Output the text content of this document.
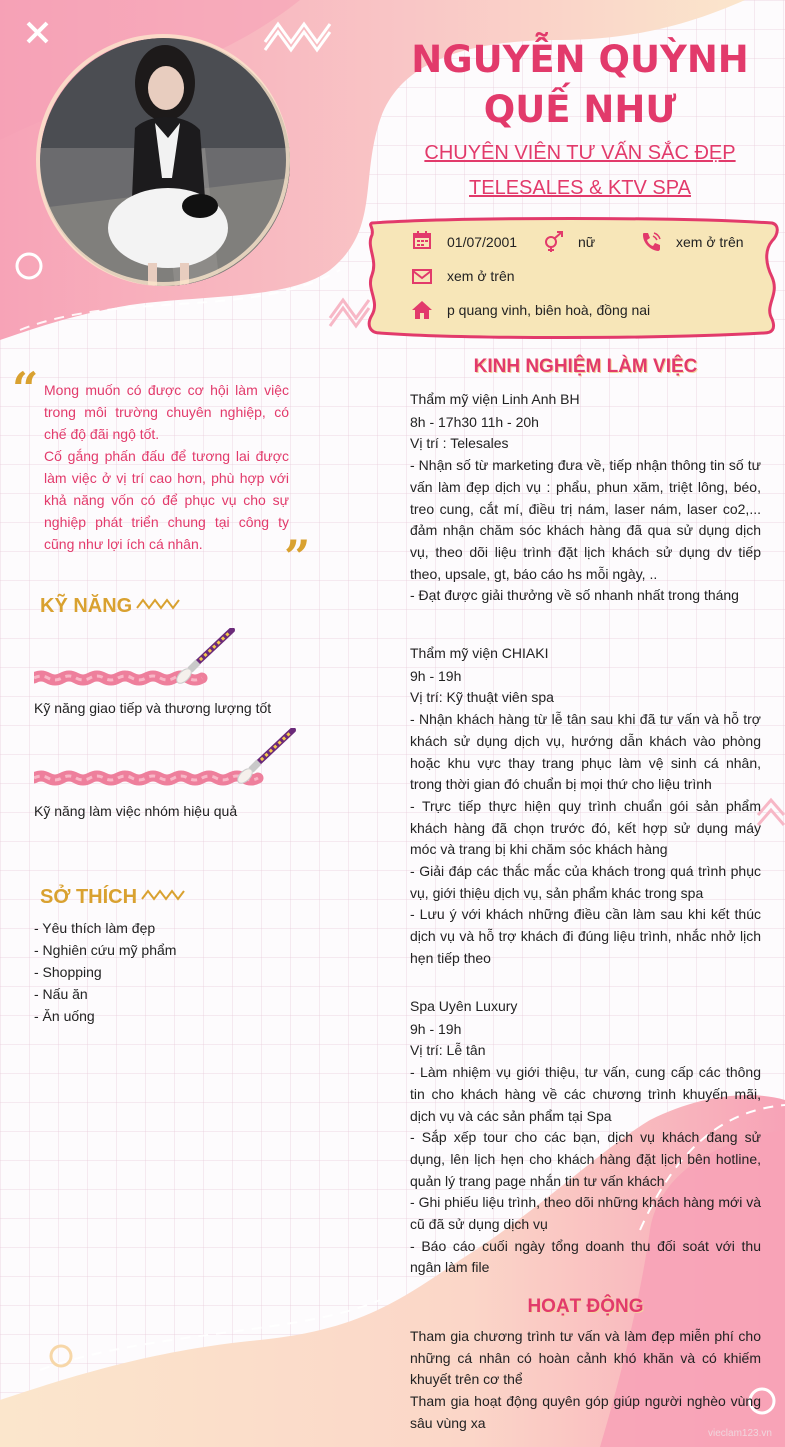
NGUYỄN QUỲNH
QUẾ NHƯ
CHUYÊN VIÊN TƯ VẤN SẮC ĐẸP
TELESALES & KTV SPA
01/07/2001	nữ	xem ở trên
xem ở trên
p quang vinh, biên hoà, đồng nai
“ Mong muốn có được cơ hội làm việc trong môi trường chuyên nghiệp, có chế độ đãi ngộ tốt.
Cố gắng phấn đấu để tương lai được làm việc ở vị trí cao hơn, phù hợp với khả năng vốn có để phục vụ cho sự nghiệp phát triển chung tại công ty cũng như lợi ích cá nhân.	”
KỸ NĂNG
Kỹ năng giao tiếp và thương lượng tốt
Kỹ năng làm việc nhóm hiệu quả
SỞ THÍCH
- Yêu thích làm đẹp
- Nghiên cứu mỹ phẩm
- Shopping
- Nấu ăn
- Ăn uống
KINH NGHIỆM LÀM VIỆC

Thẩm mỹ viện Linh Anh BH

8h - 17h30 11h - 20h

Vị trí : Telesales

- Nhận số từ marketing đưa về, tiếp nhận thông tin số tư vấn làm đẹp dịch vụ : phẩu, phun xăm, triệt lông, béo, treo cung, cắt mí, điều trị nám, laser nám, laser co2,... đảm nhận chăm sóc khách hàng đã qua sử dụng dịch vụ, theo dõi liệu trình đặt lịch khách sử dụng dv tiếp theo, upsale, gt, báo cáo hs mỗi ngày, ..

- Đạt được giải thưởng về số nhanh nhất trong tháng

Thẩm mỹ viện CHIAKI

9h - 19h

Vị trí: Kỹ thuật viên spa

- Nhận khách hàng từ lễ tân sau khi đã tư vấn và hỗ trợ khách sử dụng dịch vụ, hướng dẫn khách vào phòng hoặc khu vực thay trang phục làm vệ sinh cá nhân, trong thời gian đó chuẩn bị mọi thứ cho liệu trình

- Trực tiếp thực hiện quy trình chuẩn gói sản phẩm khách hàng đã chọn trước đó, kết hợp sử dụng máy móc và trang bị khi chăm sóc khách hàng

- Giải đáp các thắc mắc của khách trong quá trình phục vụ, giới thiệu dịch vụ, sản phẩm khác trong spa

- Lưu ý với khách những điều cần làm sau khi kết thúc dịch vụ và hỗ trợ khách đi đúng liệu trình, nhắc nhở lịch hẹn tiếp theo

Spa Uyên Luxury

9h - 19h

Vị trí: Lễ tân

- Làm nhiệm vụ giới thiệu, tư vấn, cung cấp các thông tin cho khách hàng về các chương trình khuyến mãi, dịch vụ và các sản phẩm tại Spa

- Sắp xếp tour cho các bạn, dịch vụ khách đang sử dụng, lên lịch hẹn cho khách hàng đặt lịch bên hotline, quản lý trang page nhắn tin tư vấn khách

- Ghi phiếu liệu trình, theo dõi những khách hàng mới và cũ đã sử dụng dịch vụ

- Báo cáo cuối ngày tổng doanh thu đối soát với thu ngân làm file

HOẠT ĐỘNG

Tham gia chương trình tư vấn và làm đẹp miễn phí cho những cá nhân có hoàn cảnh khó khăn và có khiếm khuyết trên cơ thể

Tham gia hoạt động quyên góp giúp người nghèo vùng sâu vùng xa

vieclam123.vn
